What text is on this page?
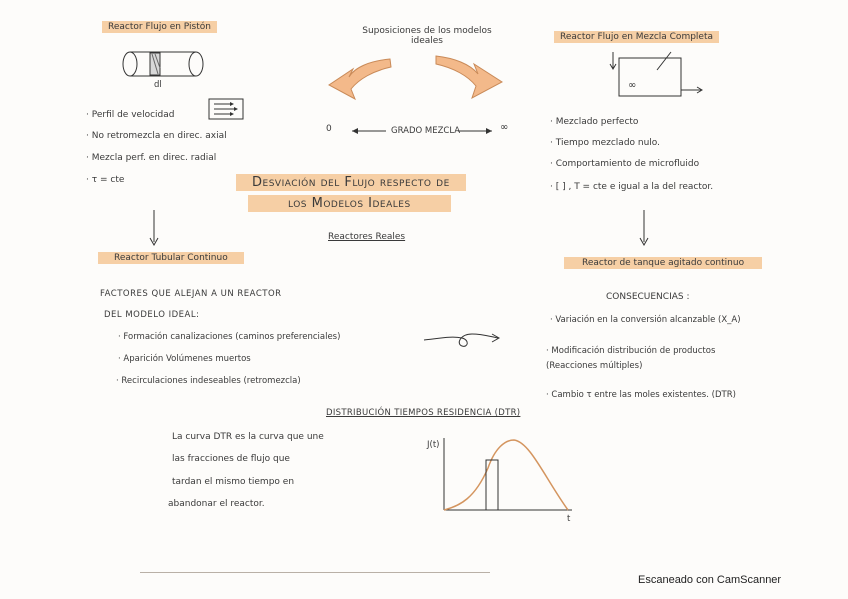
Suposiciones de los modelos ideales
0	GRADO MEZCLA	∞
Reactor Flujo en Pistón
dl
· Perfil de velocidad
· No retromezcla en direc. axial
· Mezcla perf. en direc. radial
· τ = cte
Reactor Tubular Continuo
Desviación del Flujo respecto de
los Modelos Ideales
Reactores Reales
Reactor Flujo en Mezcla Completa
∞
· Mezclado perfecto
· Tiempo mezclado nulo.
· Comportamiento de microfluido
· [ ] , T = cte e igual a la del reactor.
Reactor de tanque agitado continuo
CONSECUENCIAS :
· Variación en la conversión alcanzable (X_A)
· Modificación distribución de productos (Reacciones múltiples)
· Cambio τ entre las moles existentes. (DTR)
FACTORES QUE ALEJAN A UN REACTOR
DEL MODELO IDEAL:
· Formación canalizaciones (caminos preferenciales)
· Aparición Volúmenes muertos
· Recirculaciones indeseables (retromezcla)
DISTRIBUCIÓN TIEMPOS RESIDENCIA (DTR)
La curva DTR es la curva que une
las fracciones de flujo que
tardan el mismo tiempo en
abandonar el reactor.
J(t)
t
Escaneado con CamScanner
